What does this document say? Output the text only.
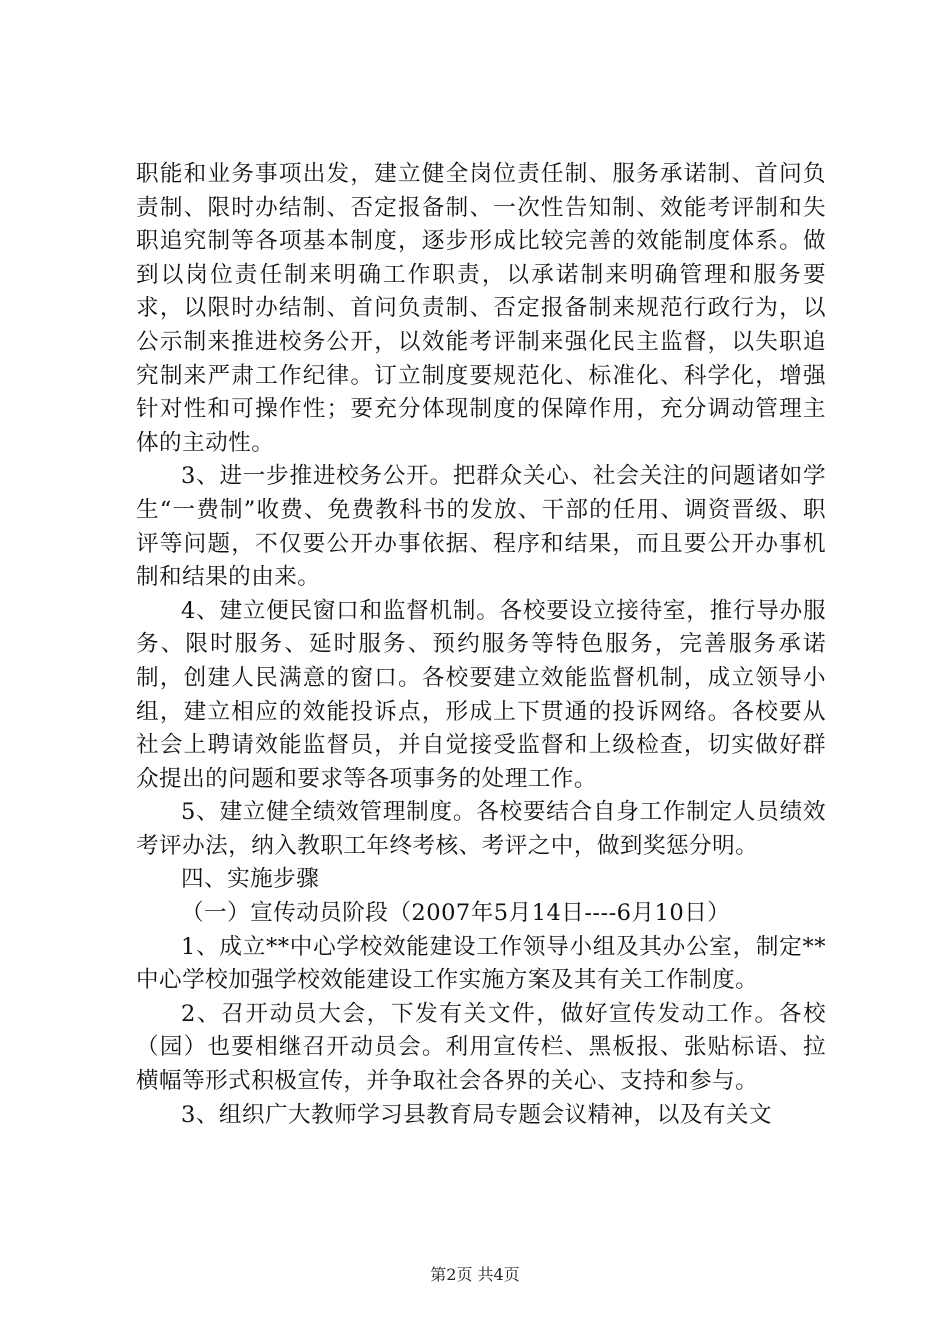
职能和业务事项出发，建立健全岗位责任制、服务承诺制、首问负责制、限时办结制、否定报备制、一次性告知制、效能考评制和失职追究制等各项基本制度，逐步形成比较完善的效能制度体系。做到以岗位责任制来明确工作职责，以承诺制来明确管理和服务要求，以限时办结制、首问负责制、否定报备制来规范行政行为，以公示制来推进校务公开，以效能考评制来强化民主监督，以失职追究制来严肃工作纪律。订立制度要规范化、标准化、科学化，增强针对性和可操作性；要充分体现制度的保障作用，充分调动管理主体的主动性。

3、进一步推进校务公开。把群众关心、社会关注的问题诸如学生“一费制”收费、免费教科书的发放、干部的任用、调资晋级、职评等问题，不仅要公开办事依据、程序和结果，而且要公开办事机制和结果的由来。

4、建立便民窗口和监督机制。各校要设立接待室，推行导办服务、限时服务、延时服务、预约服务等特色服务，完善服务承诺制，创建人民满意的窗口。各校要建立效能监督机制，成立领导小组，建立相应的效能投诉点，形成上下贯通的投诉网络。各校要从社会上聘请效能监督员，并自觉接受监督和上级检查，切实做好群众提出的问题和要求等各项事务的处理工作。

5、建立健全绩效管理制度。各校要结合自身工作制定人员绩效考评办法，纳入教职工年终考核、考评之中，做到奖惩分明。

四、实施步骤

（一）宣传动员阶段（2007年5月14日----6月10日）

1、成立**中心学校效能建设工作领导小组及其办公室，制定**中心学校加强学校效能建设工作实施方案及其有关工作制度。

2、召开动员大会，下发有关文件，做好宣传发动工作。各校（园）也要相继召开动员会。利用宣传栏、黑板报、张贴标语、拉横幅等形式积极宣传，并争取社会各界的关心、支持和参与。

3、组织广大教师学习县教育局专题会议精神，以及有关文

第2页 共4页
